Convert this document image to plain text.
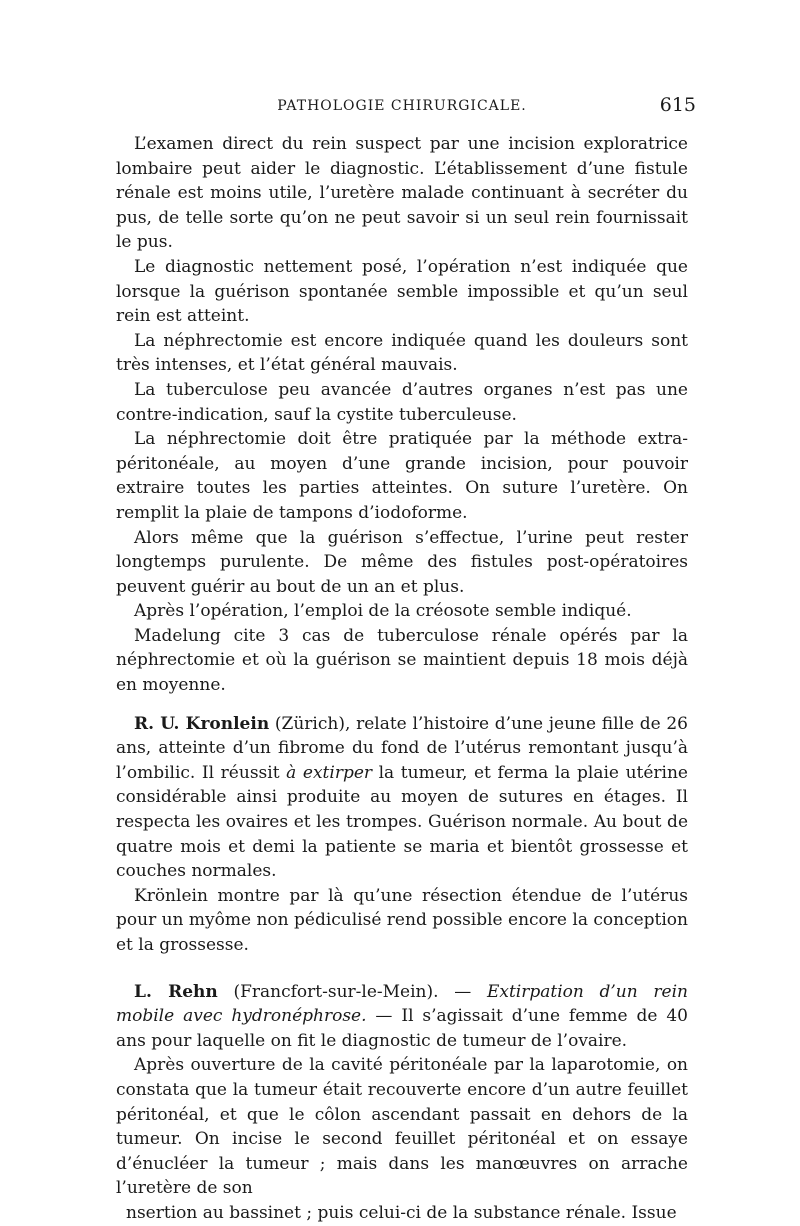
PATHOLOGIE CHIRURGICALE.	615

L’examen direct du rein suspect par une incision exploratrice lombaire peut aider le diagnostic. L’établissement d’une fistule rénale est moins utile, l’uretère malade continuant à secréter du pus, de telle sorte qu’on ne peut savoir si un seul rein fournissait le pus.

Le diagnostic nettement posé, l’opération n’est indiquée que lorsque la guérison spontanée semble impossible et qu’un seul rein est atteint.

La néphrectomie est encore indiquée quand les douleurs sont très intenses, et l’état général mauvais.

La tuberculose peu avancée d’autres organes n’est pas une contre-indication, sauf la cystite tuberculeuse.

La néphrectomie doit être pratiquée par la méthode extra-péritonéale, au moyen d’une grande incision, pour pouvoir extraire toutes les parties atteintes. On suture l’uretère. On remplit la plaie de tampons d’iodoforme.

Alors même que la guérison s’effectue, l’urine peut rester longtemps purulente. De même des fistules post-opératoires peuvent guérir au bout de un an et plus.

Après l’opération, l’emploi de la créosote semble indiqué.

Madelung cite 3 cas de tuberculose rénale opérés par la néphrectomie et où la guérison se maintient depuis 18 mois déjà en moyenne.

R. U. Kronlein (Zürich), relate l’histoire d’une jeune fille de 26 ans, atteinte d’un fibrome du fond de l’utérus remontant jusqu’à l’ombilic. Il réussit à extirper la tumeur, et ferma la plaie utérine considérable ainsi produite au moyen de sutures en étages. Il respecta les ovaires et les trompes. Guérison normale. Au bout de quatre mois et demi la patiente se maria et bientôt grossesse et couches normales.

Krönlein montre par là qu’une résection étendue de l’utérus pour un myôme non pédiculisé rend possible encore la conception et la grossesse.

L. Rehn (Francfort-sur-le-Mein). — Extirpation d’un rein mobile avec hydronéphrose. — Il s’agissait d’une femme de 40 ans pour laquelle on fit le diagnostic de tumeur de l’ovaire.

Après ouverture de la cavité péritonéale par la laparotomie, on constata que la tumeur était recouverte encore d’un autre feuillet péritonéal, et que le côlon ascendant passait en dehors de la tumeur. On incise le second feuillet péritonéal et on essaye d’énucléer la tumeur ; mais dans les manœuvres on arrache l’uretère de son

nsertion au bassinet ; puis celui-ci de la substance rénale. Issue
